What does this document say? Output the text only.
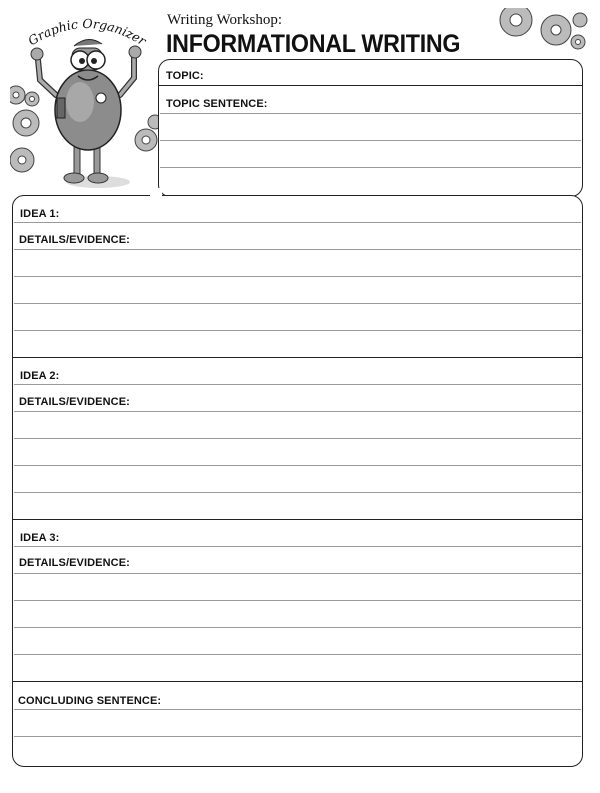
Graphic Organizer
Writing Workshop:
INFORMATIONAL WRITING
TOPIC:
TOPIC SENTENCE:
IDEA 1:
DETAILS/EVIDENCE:
IDEA 2:
DETAILS/EVIDENCE:
IDEA 3:
DETAILS/EVIDENCE:
CONCLUDING SENTENCE:
